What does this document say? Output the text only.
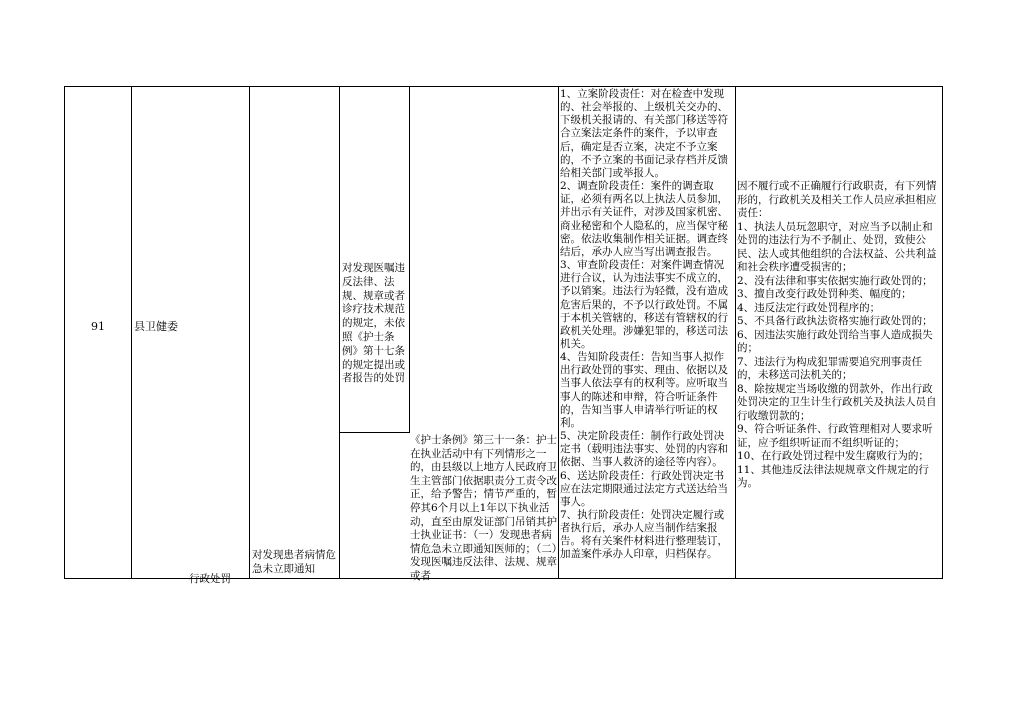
91	县卫健委
行政处罚
对发现患者病情危急未立即通知
对发现医嘱违反法律、法规、规章或者诊疗技术规范的规定，未依照《护士条例》第十七条的规定提出或者报告的处罚
《护士条例》第三十一条：护士在执业活动中有下列情形之一的，由县级以上地方人民政府卫生主管部门依据职责分工责令改正，给予警告；情节严重的，暂停其6个月以上1年以下执业活动，直至由原发证部门吊销其护士执业证书：（一）发现患者病情危急未立即通知医师的；（二）发现医嘱违反法律、法规、规章或者

1、立案阶段责任：对在检查中发现的、社会举报的、上级机关交办的、下级机关报请的、有关部门移送等符合立案法定条件的案件，予以审查后，确定是否立案，决定不予立案的，不予立案的书面记录存档并反馈给相关部门或举报人。

2、调查阶段责任：案件的调查取证，必须有两名以上执法人员参加，并出示有关证件，对涉及国家机密、商业秘密和个人隐私的，应当保守秘密。依法收集制作相关证据。调查终结后，承办人应当写出调查报告。

3、审查阶段责任：对案件调查情况进行合议，认为违法事实不成立的，予以销案。违法行为轻微，没有造成危害后果的，不予以行政处罚。不属于本机关管辖的，移送有管辖权的行政机关处理。涉嫌犯罪的，移送司法机关。

4、告知阶段责任：告知当事人拟作出行政处罚的事实、理由、依据以及当事人依法享有的权利等。应听取当事人的陈述和申辩，符合听证条件的，告知当事人申请举行听证的权利。

5、决定阶段责任：制作行政处罚决定书（载明违法事实、处罚的内容和依据、当事人救济的途径等内容）。

6、送达阶段责任：行政处罚决定书应在法定期限通过法定方式送达给当事人。

7、执行阶段责任：处罚决定履行或者执行后，承办人应当制作结案报告。将有关案件材料进行整理装订，加盖案件承办人印章，归档保存。

因不履行或不正确履行行政职责，有下列情形的，行政机关及相关工作人员应承担相应责任：

1、执法人员玩忽职守，对应当予以制止和处罚的违法行为不予制止、处罚，致使公民、法人或其他组织的合法权益、公共利益和社会秩序遭受损害的；

2、没有法律和事实依据实施行政处罚的；

3、擅自改变行政处罚种类、幅度的；

4、违反法定行政处罚程序的；

5、不具备行政执法资格实施行政处罚的；

6、因违法实施行政处罚给当事人造成损失的；

7、违法行为构成犯罪需要追究刑事责任的，未移送司法机关的；

8、除按规定当场收缴的罚款外，作出行政处罚决定的卫生计生行政机关及执法人员自行收缴罚款的；

9、符合听证条件、行政管理相对人要求听证，应予组织听证而不组织听证的；

10、在行政处罚过程中发生腐败行为的；

11、其他违反法律法规规章文件规定的行为。
